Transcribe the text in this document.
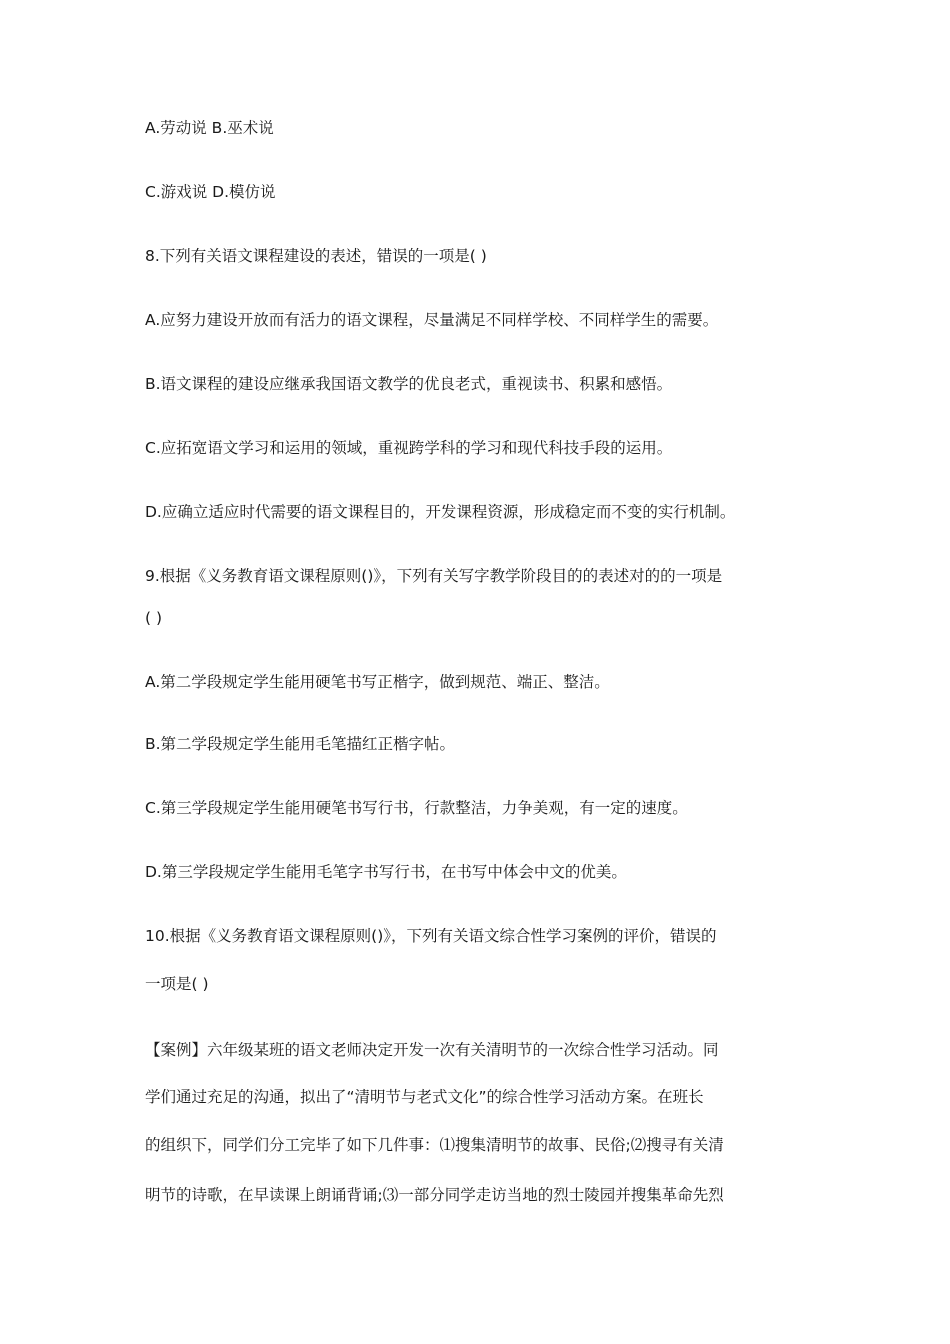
A.劳动说 B.巫术说
C.游戏说 D.模仿说
8.下列有关语文课程建设的表述，错误的一项是( )
A.应努力建设开放而有活力的语文课程，尽量满足不同样学校、不同样学生的需要。
B.语文课程的建设应继承我国语文教学的优良老式，重视读书、积累和感悟。
C.应拓宽语文学习和运用的领域，重视跨学科的学习和现代科技手段的运用。
D.应确立适应时代需要的语文课程目的，开发课程资源，形成稳定而不变的实行机制。
9.根据《义务教育语文课程原则()》，下列有关写字教学阶段目的的表述对的的一项是
( )
A.第二学段规定学生能用硬笔书写正楷字，做到规范、端正、整洁。
B.第二学段规定学生能用毛笔描红正楷字帖。
C.第三学段规定学生能用硬笔书写行书，行款整洁，力争美观，有一定的速度。
D.第三学段规定学生能用毛笔字书写行书，在书写中体会中文的优美。
10.根据《义务教育语文课程原则()》，下列有关语文综合性学习案例的评价，错误的
一项是( )
【案例】六年级某班的语文老师决定开发一次有关清明节的一次综合性学习活动。同
学们通过充足的沟通，拟出了“清明节与老式文化”的综合性学习活动方案。在班长
的组织下，同学们分工完毕了如下几件事：⑴搜集清明节的故事、民俗;⑵搜寻有关清
明节的诗歌，在早读课上朗诵背诵;⑶一部分同学走访当地的烈士陵园并搜集革命先烈
